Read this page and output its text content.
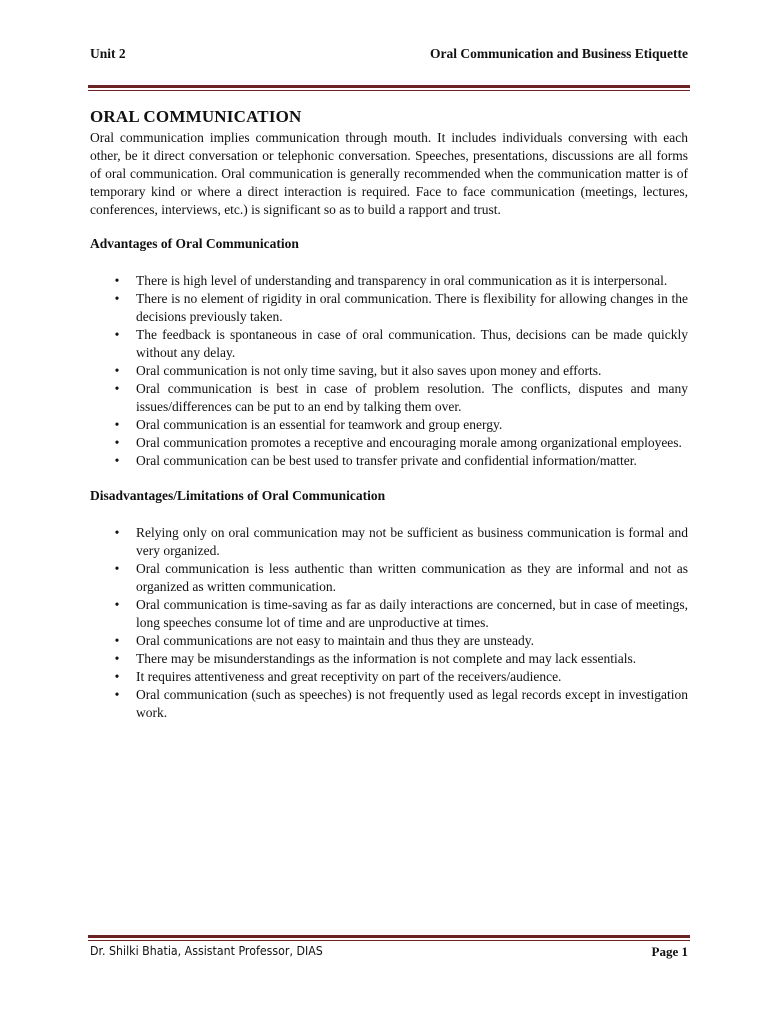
Unit 2	Oral Communication and Business Etiquette
ORAL COMMUNICATION

Oral communication implies communication through mouth. It includes individuals conversing with each other, be it direct conversation or telephonic conversation. Speeches, presentations, discussions are all forms of oral communication. Oral communication is generally recommended when the communication matter is of temporary kind or where a direct interaction is required. Face to face communication (meetings, lectures, conferences, interviews, etc.) is significant so as to build a rapport and trust.

Advantages of Oral Communication
• There is high level of understanding and transparency in oral communication as it is interpersonal.
• There is no element of rigidity in oral communication. There is flexibility for allowing changes in the decisions previously taken.
• The feedback is spontaneous in case of oral communication. Thus, decisions can be made quickly without any delay.
• Oral communication is not only time saving, but it also saves upon money and efforts.
• Oral communication is best in case of problem resolution. The conflicts, disputes and many issues/differences can be put to an end by talking them over.
• Oral communication is an essential for teamwork and group energy.
• Oral communication promotes a receptive and encouraging morale among organizational employees.
• Oral communication can be best used to transfer private and confidential information/matter.
Disadvantages/Limitations of Oral Communication
• Relying only on oral communication may not be sufficient as business communication is formal and very organized.
• Oral communication is less authentic than written communication as they are informal and not as organized as written communication.
• Oral communication is time-saving as far as daily interactions are concerned, but in case of meetings, long speeches consume lot of time and are unproductive at times.
• Oral communications are not easy to maintain and thus they are unsteady.
• There may be misunderstandings as the information is not complete and may lack essentials.
• It requires attentiveness and great receptivity on part of the receivers/audience.
• Oral communication (such as speeches) is not frequently used as legal records except in investigation work.
Dr. Shilki Bhatia, Assistant Professor, DIAS	Page 1
